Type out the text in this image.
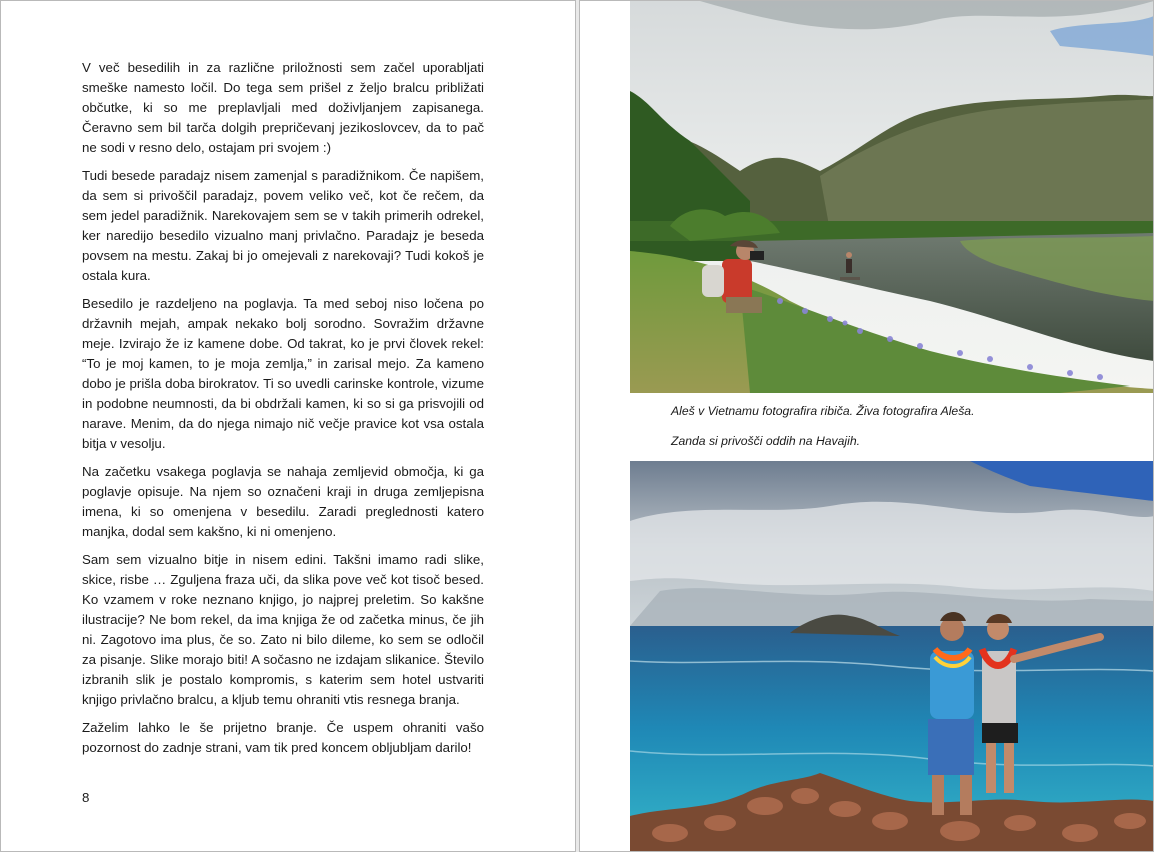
V več besedilih in za različne priložnosti sem začel uporabljati smeške namesto ločil. Do tega sem prišel z željo bralcu približati občutke, ki so me preplavljali med doživljanjem zapisanega. Čeravno sem bil tarča dolgih prepričevanj jezikoslovcev, da to pač ne sodi v resno delo, ostajam pri svojem :)

Tudi besede paradajz nisem zamenjal s paradižnikom. Če napišem, da sem si privoščil paradajz, povem veliko več, kot če rečem, da sem jedel paradižnik. Narekovajem sem se v takih primerih odrekel, ker naredijo besedilo vizualno manj privlačno. Paradajz je beseda povsem na mestu. Zakaj bi jo omejevali z narekovaji? Tudi kokoš je ostala kura.

Besedilo je razdeljeno na poglavja. Ta med seboj niso ločena po državnih mejah, ampak nekako bolj sorodno. Sovražim državne meje. Izvirajo že iz kamene dobe. Od takrat, ko je prvi človek rekel: “To je moj kamen, to je moja zemlja,” in zarisal mejo. Za kameno dobo je prišla doba birokratov. Ti so uvedli carinske kontrole, vizume in podobne neumnosti, da bi obdržali kamen, ki so si ga prisvojili od narave. Menim, da do njega nimajo nič večje pravice kot vsa ostala bitja v vesolju.

Na začetku vsakega poglavja se nahaja zemljevid območja, ki ga poglavje opisuje. Na njem so označeni kraji in druga zemljepisna imena, ki so omenjena v besedilu. Zaradi preglednosti katero manjka, dodal sem kakšno, ki ni omenjeno.

Sam sem vizualno bitje in nisem edini. Takšni imamo radi slike, skice, risbe … Zguljena fraza uči, da slika pove več kot tisoč besed. Ko vzamem v roke neznano knjigo, jo najprej preletim. So kakšne ilustracije? Ne bom rekel, da ima knjiga že od začetka minus, če jih ni. Zagotovo ima plus, če so. Zato ni bilo dileme, ko sem se odločil za pisanje. Slike morajo biti! A sočasno ne izdajam slikanice. Število izbranih slik je postalo kompromis, s katerim sem hotel ustvariti knjigo privlačno bralcu, a kljub temu ohraniti vtis resnega branja.

Zaželim lahko le še prijetno branje. Če uspem ohraniti vašo pozornost do zadnje strani, vam tik pred koncem obljubljam darilo!

8
Aleš v Vietnamu fotografira ribiča. Živa fotografira Aleša.
Zanda si privošči oddih na Havajih.
